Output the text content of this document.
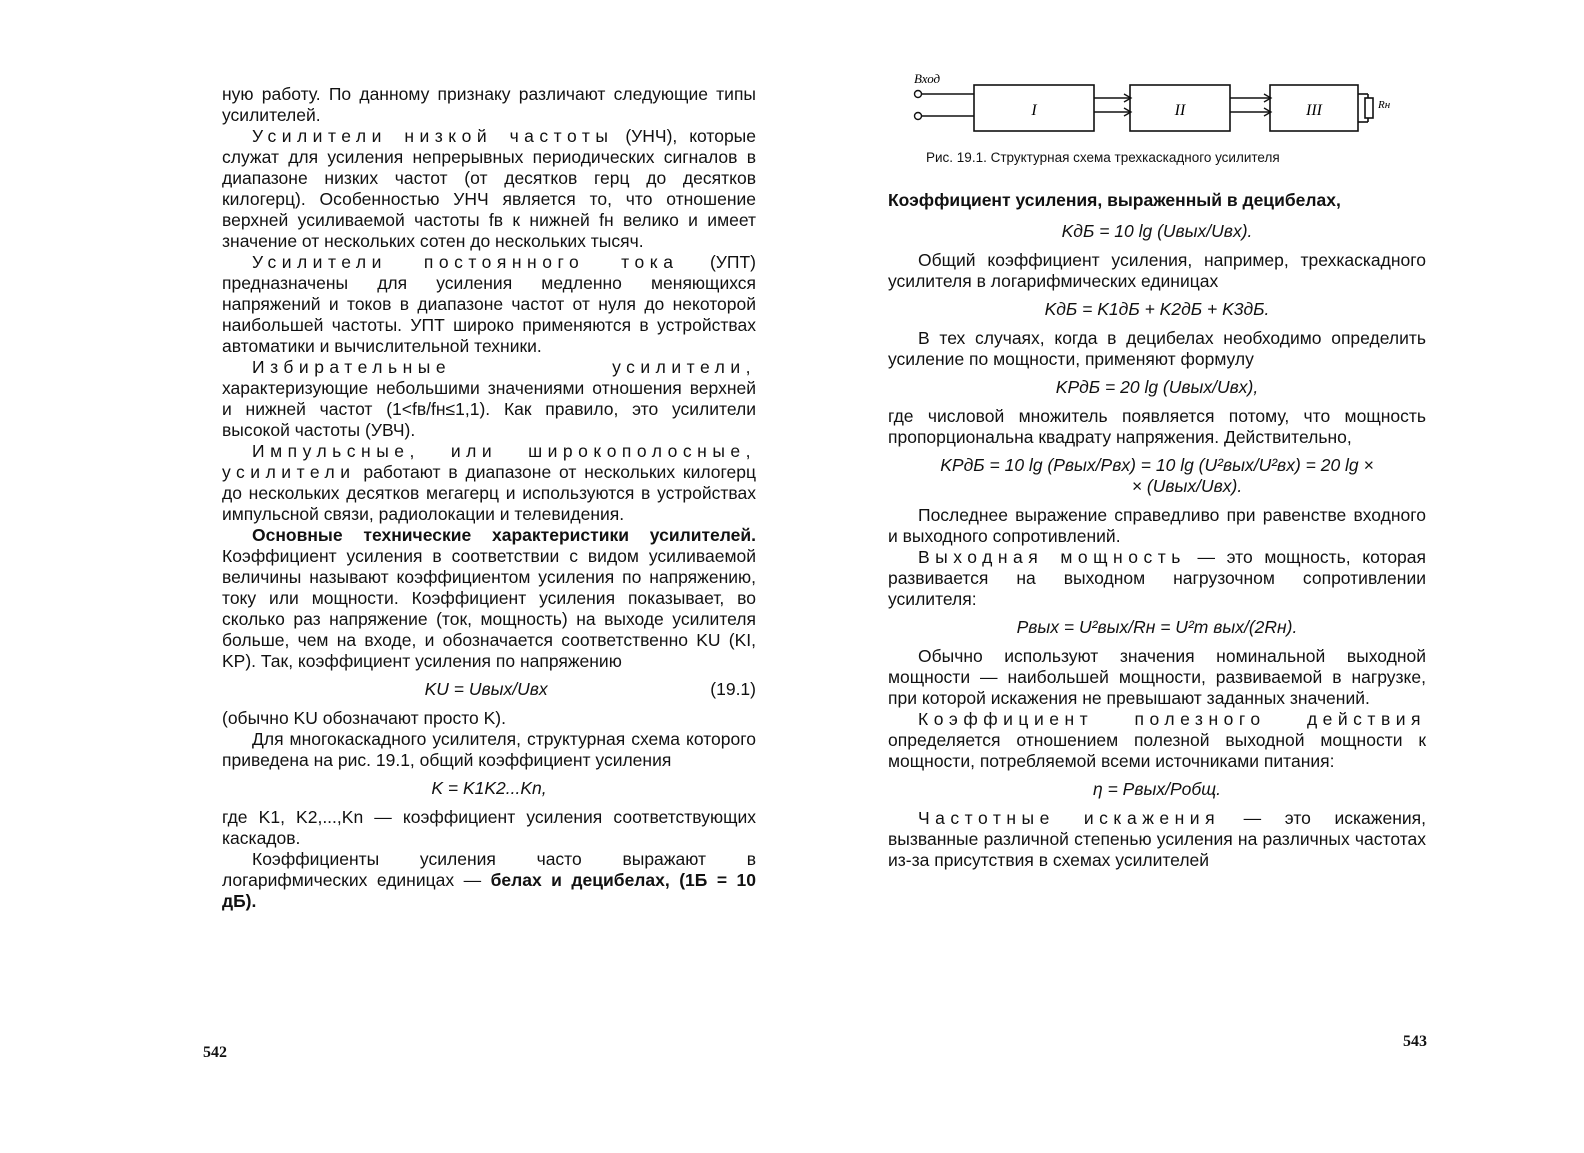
ную работу. По данному признаку различают следующие типы усилителей.

Усилители низкой частоты (УНЧ), которые служат для усиления непрерывных периодических сигналов в диапазоне низких частот (от десятков герц до десятков килогерц). Особенностью УНЧ является то, что отношение верхней усиливаемой частоты fв к нижней fн велико и имеет значение от нескольких сотен до нескольких тысяч.

Усилители постоянного тока (УПТ) предназначены для усиления медленно меняющихся напряжений и токов в диапазоне частот от нуля до некоторой наибольшей частоты. УПТ широко применяются в устройствах автоматики и вычислительной техники.

Избирательные усилители, характеризующие небольшими значениями отношения верхней и нижней частот (1<fв/fн≤1,1). Как правило, это усилители высокой частоты (УВЧ).

Импульсные, или широкополосные, усилители работают в диапазоне от нескольких килогерц до нескольких десятков мегагерц и используются в устройствах импульсной связи, радиолокации и телевидения.

Основные технические характеристики усилителей. Коэффициент усиления в соответствии с видом усиливаемой величины называют коэффициентом усиления по напряжению, току или мощности. Коэффициент усиления показывает, во сколько раз напряжение (ток, мощность) на выходе усилителя больше, чем на входе, и обозначается соответственно KU (KI, KP). Так, коэффициент усиления по напряжению

KU = Uвых/Uвх	(19.1)

(обычно KU обозначают просто K).

Для многокаскадного усилителя, структурная схема которого приведена на рис. 19.1, общий коэффициент усиления

K = K1K2...Kn,

где K1, K2,...,Kn — коэффициент усиления соответствующих каскадов.

Коэффициенты усиления часто выражают в логарифмических единицах — белах и децибелах, (1Б = 10 дБ).

542
Вход
I	II	III	Rн
Рис. 19.1. Структурная схема трехкаскадного усилителя

Коэффициент усиления, выраженный в децибелах,

KдБ = 10 lg (Uвых/Uвх).

Общий коэффициент усиления, например, трехкаскадного усилителя в логарифмических единицах

KдБ = K1дБ + K2дБ + K3дБ.

В тех случаях, когда в децибелах необходимо определить усиление по мощности, применяют формулу

KPдБ = 20 lg (Uвых/Uвх),

где числовой множитель появляется потому, что мощность пропорциональна квадрату напряжения. Действительно,

KPдБ = 10 lg (Pвых/Pвх) = 10 lg (U²вых/U²вх) = 20 lg ×

× (Uвых/Uвх).

Последнее выражение справедливо при равенстве входного и выходного сопротивлений.

Выходная мощность — это мощность, которая развивается на выходном нагрузочном сопротивлении усилителя:

Pвых = U²вых/Rн = U²m вых/(2Rн).

Обычно используют значения номинальной выходной мощности — наибольшей мощности, развиваемой в нагрузке, при которой искажения не превышают заданных значений.

Коэффициент полезного действия определяется отношением полезной выходной мощности к мощности, потребляемой всеми источниками питания:

η = Pвых/Pобщ.

Частотные искажения — это искажения, вызванные различной степенью усиления на различных частотах из-за присутствия в схемах усилителей

543
